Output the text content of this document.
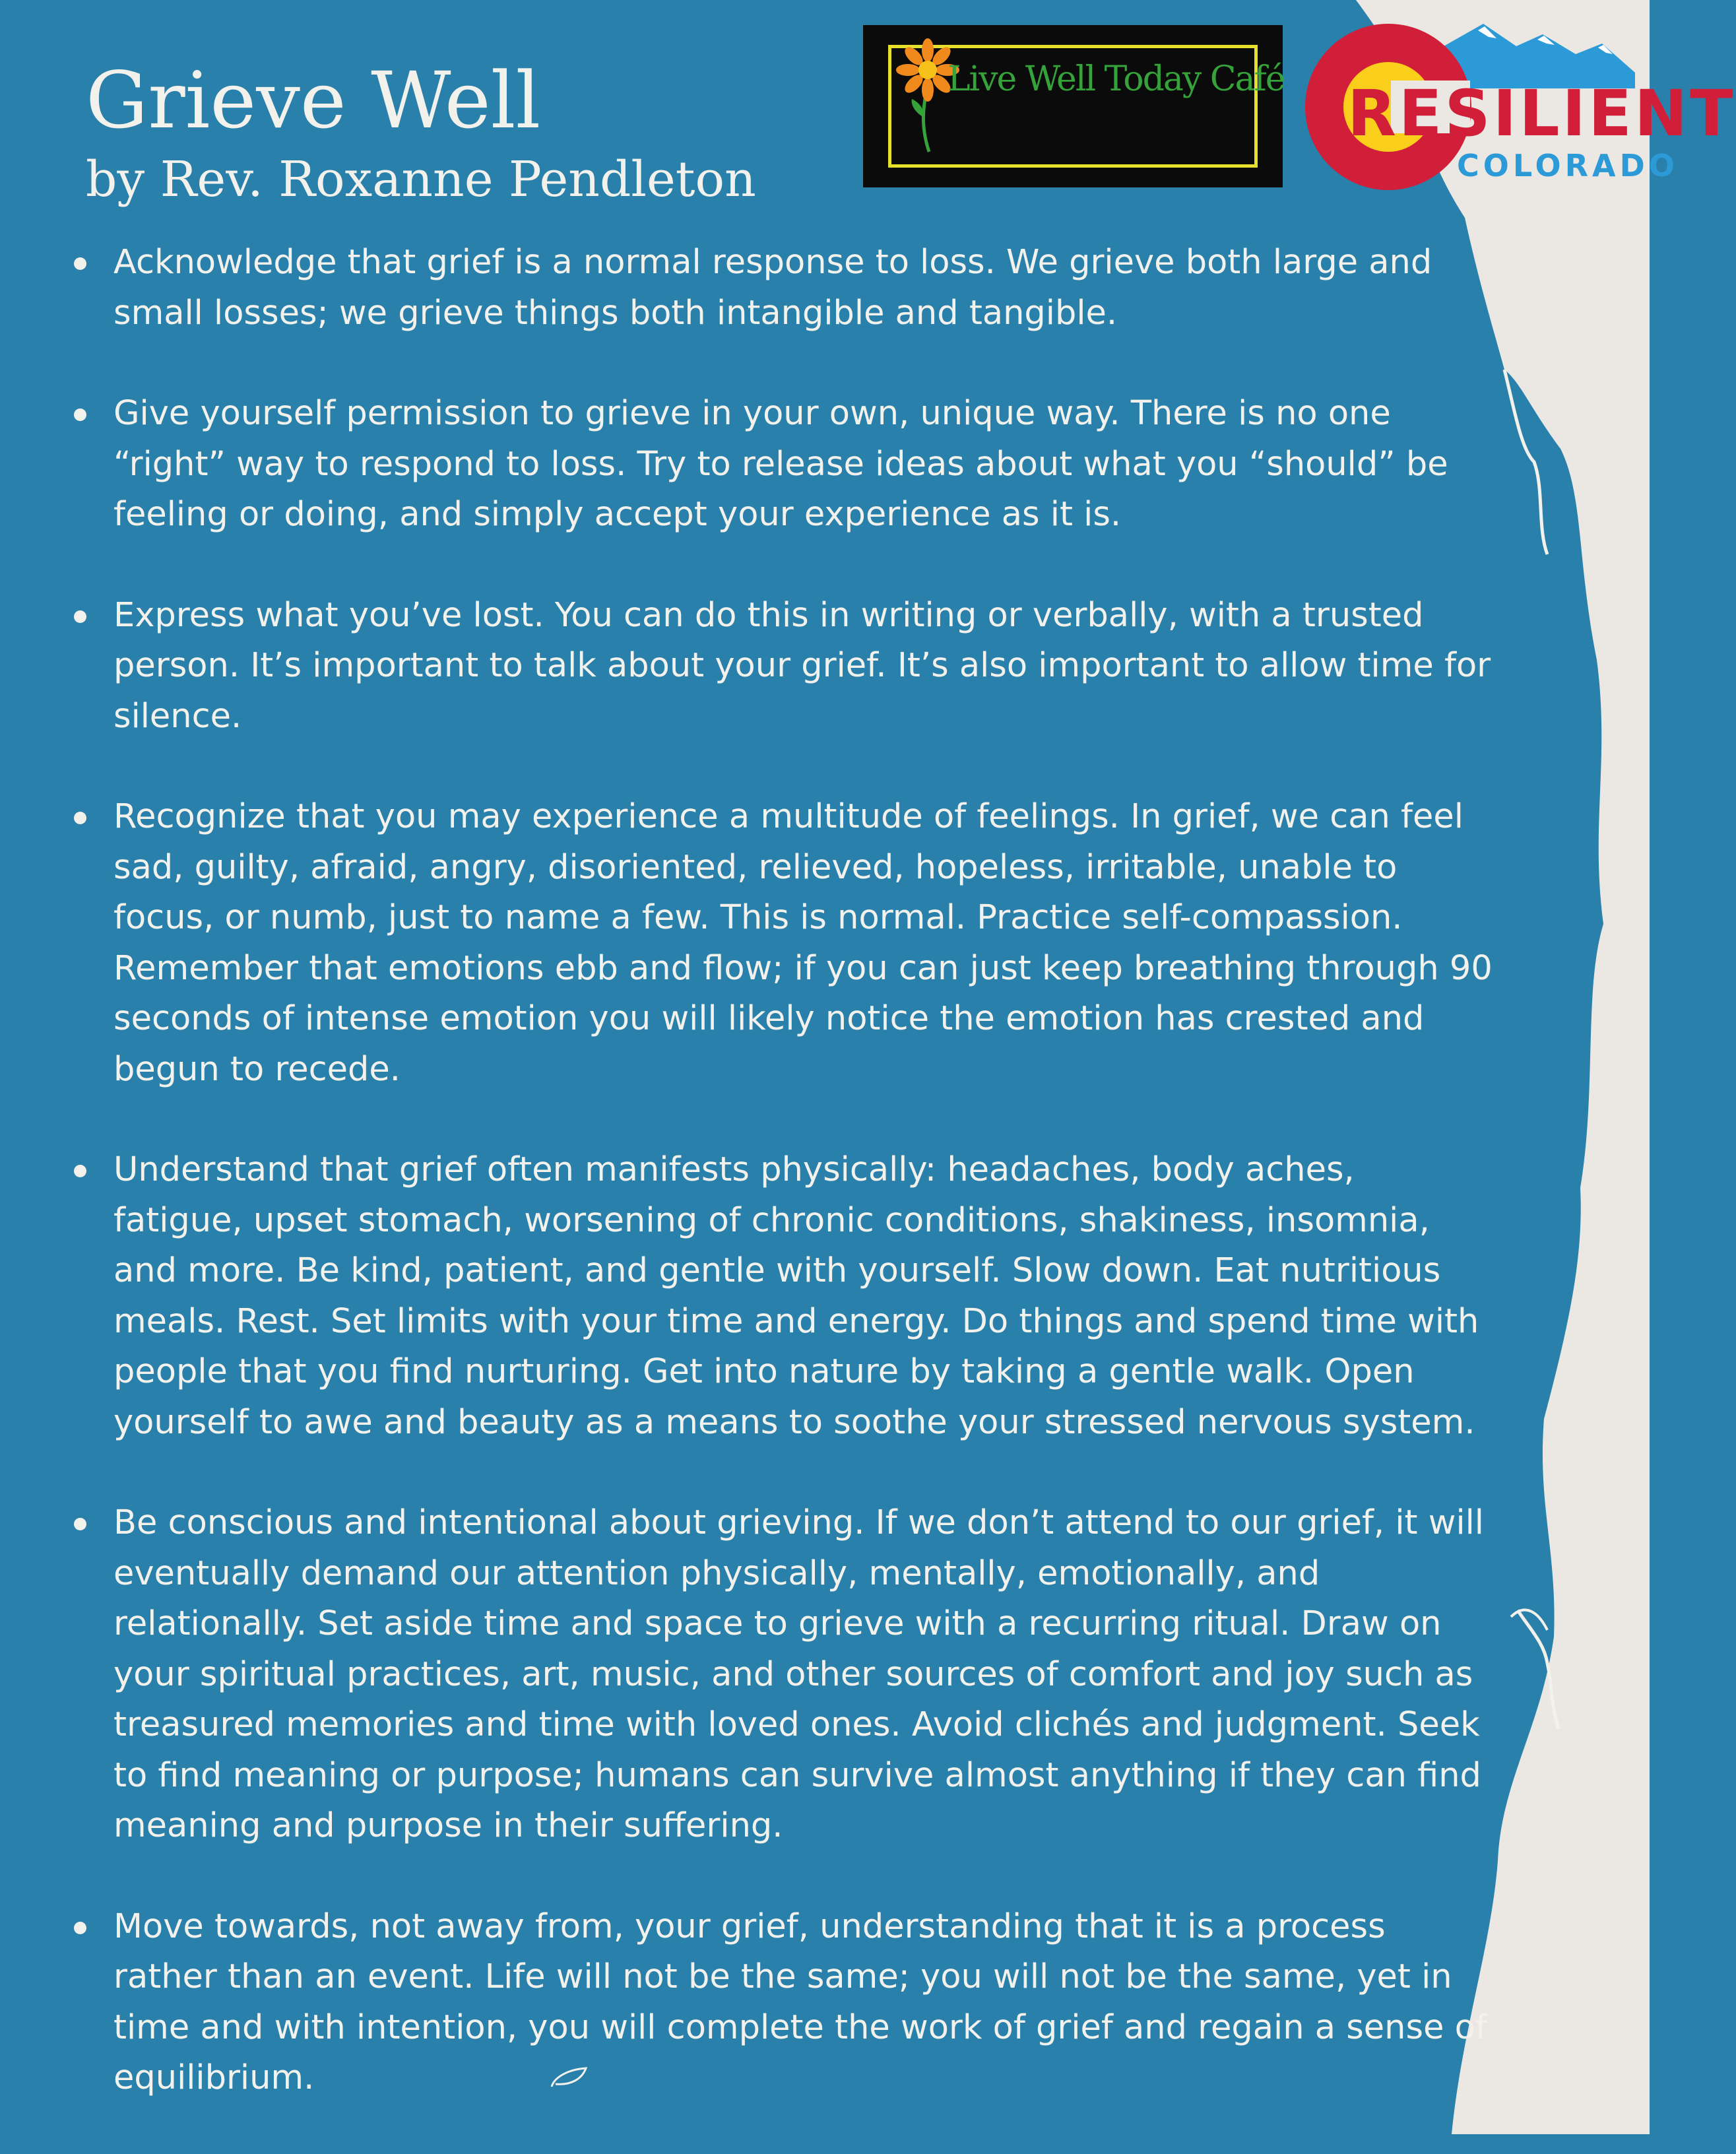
Grieve Well
by Rev. Roxanne Pendleton
Live Well Today Café RESILIENT
COLORADO
Acknowledge that grief is a normal response to loss. We grieve both large and small losses; we grieve things both intangible and tangible.
Give yourself permission to grieve in your own, unique way. There is no one “right” way to respond to loss. Try to release ideas about what you “should” be feeling or doing, and simply accept your experience as it is.
Express what you’ve lost. You can do this in writing or verbally, with a trusted person. It’s important to talk about your grief. It’s also important to allow time for silence.
Recognize that you may experience a multitude of feelings. In grief, we can feel sad, guilty, afraid, angry, disoriented, relieved, hopeless, irritable, unable to focus, or numb, just to name a few. This is normal. Practice self-compassion. Remember that emotions ebb and flow; if you can just keep breathing through 90 seconds of intense emotion you will likely notice the emotion has crested and begun to recede.
Understand that grief often manifests physically: headaches, body aches, fatigue, upset stomach, worsening of chronic conditions, shakiness, insomnia, and more. Be kind, patient, and gentle with yourself. Slow down. Eat nutritious meals. Rest. Set limits with your time and energy. Do things and spend time with people that you find nurturing. Get into nature by taking a gentle walk. Open yourself to awe and beauty as a means to soothe your stressed nervous system.
Be conscious and intentional about grieving. If we don’t attend to our grief, it will eventually demand our attention physically, mentally, emotionally, and relationally. Set aside time and space to grieve with a recurring ritual. Draw on your spiritual practices, art, music, and other sources of comfort and joy such as treasured memories and time with loved ones. Avoid clichés and judgment. Seek to find meaning or purpose; humans can survive almost anything if they can find meaning and purpose in their suffering.
Move towards, not away from, your grief, understanding that it is a process rather than an event. Life will not be the same; you will not be the same, yet in time and with intention, you will complete the work of grief and regain a sense of equilibrium.
